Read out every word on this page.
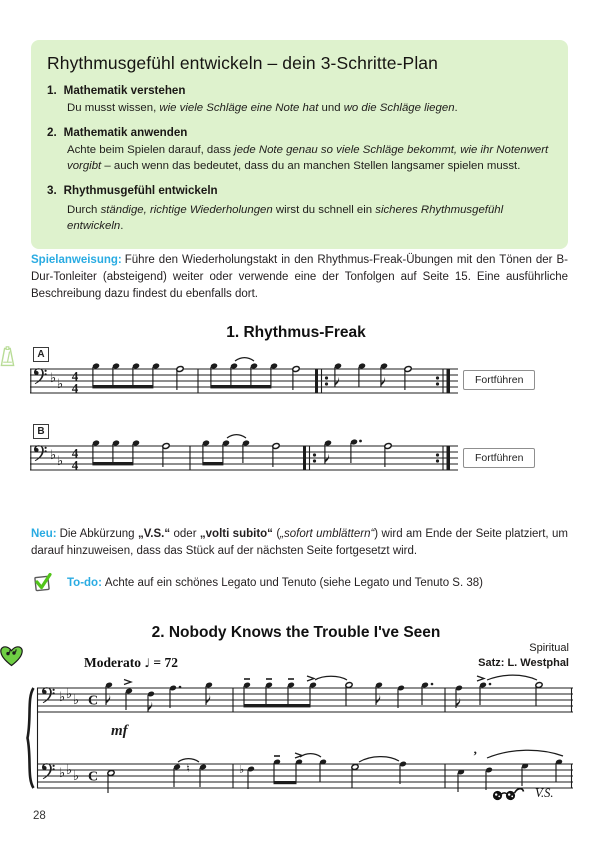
Rhythmusgefühl entwickeln – dein 3-Schritte-Plan
1. Mathematik verstehen
Du musst wissen, wie viele Schläge eine Note hat und wo die Schläge liegen.
2. Mathematik anwenden
Achte beim Spielen darauf, dass jede Note genau so viele Schläge bekommt, wie ihr Notenwert vorgibt – auch wenn das bedeutet, dass du an manchen Stellen langsamer spielen musst.
3. Rhythmusgefühl entwickeln
Durch ständige, richtige Wiederholungen wirst du schnell ein sicheres Rhythmusgefühl entwickeln.

Spielanweisung: Führe den Wiederholungstakt in den Rhythmus-Freak-Übungen mit den Tönen der B-Dur-Tonleiter (absteigend) weiter oder verwende eine der Tonfolgen auf Seite 15. Eine ausführliche Beschreibung dazu findest du ebenfalls dort.

1. Rhythmus-Freak
A
♭ ♭
4
4
Fortführen
B
♭ ♭
4
4	Fortführen

Neu: Die Abkürzung „V.S.“ oder „volti subito“ („sofort umblättern“) wird am Ende der Seite platziert, um darauf hinzuweisen, dass das Stück auf der nächsten Seite fortgesetzt wird.

To-do: Achte auf ein schönes Legato und Tenuto (siehe Legato und Tenuto S. 38)
2. Nobody Knows the Trouble I've Seen
Spiritual
Satz: L. Westphal
Moderato ♩ = 72
♭ ♭ ♭
♭ ♭ ♭
C
C
mf
♮	♭
’
V.S.
28
